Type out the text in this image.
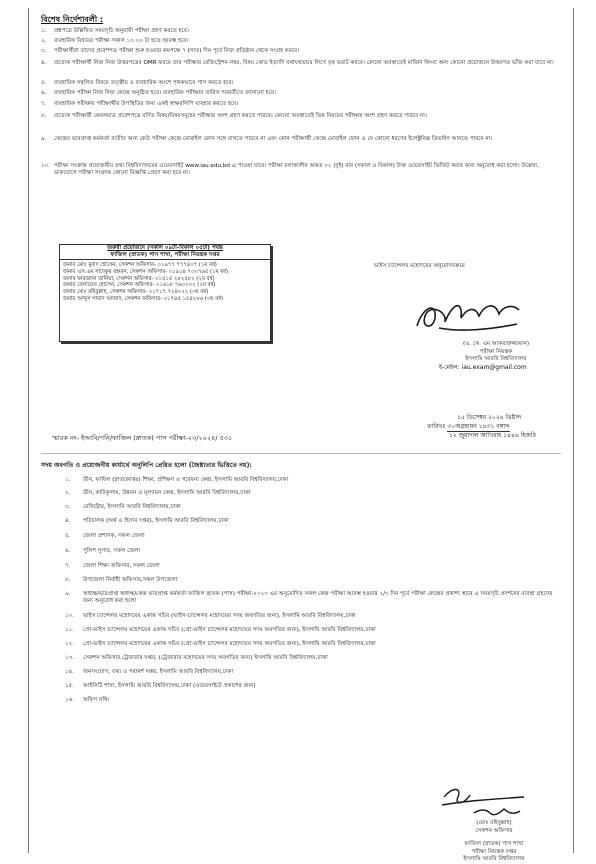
বিশেষ নির্দেশাবলী :
১.	প্রশ্নপত্রে উল্লিখিত সময়সূচি অনুযায়ী পরীক্ষা গ্রহণ করতে হবে।
২.	ব্যবহারিক বিষয়ের পরীক্ষা সকাল ১০.০০ টা হতে আরম্ভ হবে।
৩.	পরীক্ষার্থীরা তাদের প্রবেশপত্র পরীক্ষা শুরু হওয়ার কমপক্ষে ৭ (সাত) দিন পূর্বে নিজ প্রতিষ্ঠান থেকে সংগ্রহ করবে।
৪.	প্রত্যেক পরীক্ষার্থী নিজ নিজ উত্তরপত্রের OMR ফরমে তার পরীক্ষার রেজিস্ট্রেশন নম্বর, বিষয় কোড ইত্যাদি যথাযথভাবে লিখে বৃত্ত ভরাট করবে। কোনো অবস্থাতেই মার্জিন কিংবা অন্য কোনো প্রয়োজনে উত্তরপত্র ভাঁজ করা যাবে না।
৫.	ব্যবহারিক সম্বলিত বিষয়ে তত্ত্বীয় ও ব্যবহারিক অংশে পৃথকভাবে পাস করতে হবে।
৬.	ব্যবহারিক পরীক্ষা নিজ নিজ কেন্দ্রে অনুষ্ঠিত হবে। ব্যবহারিক পরীক্ষার তারিখ পরবর্তীতে জানানো হবে।
৭.	ব্যবহারিক পরীক্ষায় পরীক্ষার্থীর উপস্থিতির জন্য একই স্বাক্ষরলিপি ব্যবহার করতে হবে।
৮.	প্রত্যেক পরীক্ষার্থী কেবলমাত্র প্রবেশপত্রে বর্ণিত বিষয়/বিষয়সমূহের পরীক্ষায় অংশ গ্রহণ করতে পারবে। কোনো অবস্থাতেই ভিন্ন বিষয়ের পরীক্ষায় অংশ গ্রহণ করতে পারবে না।
৯.	কেন্দ্রের ভারপ্রাপ্ত কর্মকর্তা ব্যতীত অন্য কেউ পরীক্ষা কেন্দ্রে মোবাইল ফোন সঙ্গে রাখতে পারবে না এবং কোন পরীক্ষার্থী কেন্দ্রে মোবাইল ফোন ও যে কোনো ধরণের ইলেক্ট্রনিক্স ডিভাইস আনতে পারবে না।
১০. পরীক্ষা সংক্রান্ত প্রয়োজনীয় তথ্য বিশ্ববিদ্যালয়ের ওয়েবসাইট www.iau.edu.bd এ্র পাওয়া যাবে। পরীক্ষা চলাকালীন অন্তত ০২ (দুই) বার (সকাল ও বিকাল) উক্ত ওয়েবসাইট ভিজিট করার জন্য অনুরোধ করা হলো। উল্লেখ্য, ডাকযোগে পরীক্ষা সংক্রান্ত কোনো বিজ্ঞপ্তি প্রেরণ করা হবে না।
জরুরী প্রয়োজনে (সকাল ০৯টা-বিকাল ০৫টা) পর্যন্ত
ফাজিল (স্নাতক) পাস শাখা, পরীক্ষা নিয়ন্ত্রক দপ্তর
জনাব মোঃ মুরাদ হোসেন, সেকশন অফিসার- ০১৯৭৭ ৭৭৭৪০৭ (১ম বর্ষ)
জনাব এস.এম সাদেকুর রহমান, সেকশন অফিসার- ০১৯১৪ ৭৩০৭৬৫ (১ম বর্ষ)
জনাব ফারজানা তানিয়া, সেকশন অফিসার- ০১৫১৫ ২৮২৫৮২ (২য় বর্ষ)
জনাব বেলায়েত হোসেন, সেকশন অফিসার- ০১৬১৮ ৭৬০০০২ (২য় বর্ষ)
জনাব মোঃ মহিবুল্লাহ, সেকশন অফিসার- ০১৭১৭ ৭২৪০২২ (৩য় বর্ষ)
জনাব আব্দুস সামাদ আজাদ, সেকশন অফিসার- ০১৭৪৫ ১৫৪২৮৬ (৩য় বর্ষ)
ভাইস চ্যান্সেলর মহোদয়ের অনুমোদনক্রমে
(এ. কে. এম আকরারুজ্জামান)
পরীক্ষা নিয়ন্ত্রক
ইসলামি আরবি বিশ্ববিদ্যালয়
ই-মেইল: iau.exam@gmail.com
১৫ ডিসেম্বর ২০২৪ খ্রিষ্টাব্দ
তারিখঃ ৩০অগ্রহায়ন ১৪৩১ বঙ্গাব্দ
১২ জুমাদাল আখিরাহ ১৪৪৬ হিজরি
স্মারক নং- ইআবি/পনি/ফাজিল (স্নাতক) পাস পরীক্ষা-২৩/২০২৪/ ৫৩১
সদয় অবগতি ও প্রয়োজনীয় কার্যার্থে অনুলিপি প্রেরিত হলো (জৈষ্ঠ্যতার ভিত্তিতে নয়):
১.	ডীন, ফাযিল (স্নাতকোত্তর) শিক্ষা, প্রশিক্ষণ ও গবেষনা কেন্দ্র, ইসলামি আরবি বিশ্ববিদ্যালয়,ঢাকা
২.	ডীন, কারিকুলাম, উন্নয়ন ও মূল্যায়ন কেন্দ্র, ইসলামি আরবি বিশ্ববিদ্যালয়,ঢাকা
৩.	রেজিস্ট্রার, ইসলামি আরবি বিশ্ববিদ্যালয়,ঢাকা
৪.	পরিচালক (অর্থ ও হিসাব দপ্তর), ইসলামি আরবি বিশ্ববিদ্যালয়,ঢাকা
৫.	জেলা প্রশাসক, সকল জেলা
৬.	পুলিশ সুপার, সকল জেলা
৭.	জেলা শিক্ষা অফিসার, সকল জেলা
৮.	উপজেলা নির্বাহী অফিসার,সকল উপজেলা
৯.	অধ্যক্ষ/ভারপ্রাপ্ত অধ্যক্ষ/কেন্দ্র ভারপ্রাপ্ত কর্মকর্তা ফাজিল স্নাতক (পাস) পরীক্ষা-২০২৩ এর অনুমোদিত সকল কেন্দ্র পরীক্ষা আরম্ভ হওয়ার ২/৩ দিন পূর্বে পরীক্ষা কেন্দ্রের প্রকাশ্য স্থানে এ সময়সূচি প্রদর্শনের ব্যবস্থা গ্রহণের জন্য অনুরোধ করা হলো
১০.	ভাইস চ্যান্সেলর মহোদয়ের একান্ত সচিব (ভাইস-চ্যান্সেলর মহোদয়ের সদয় অবগতির জন্য), ইসলামি আরবি বিশ্ববিদ্যালয়,ঢাকা
১১.	প্রো-ভাইস চ্যান্সেলর মহোদয়ের একান্ত সচিব (প্রো-ভাইস চ্যান্সেলর মহোদয়ের সদয় অবগতির জন্য), ইসলামি আরবি বিশ্ববিদ্যালয়,ঢাকা
১২.	প্রো-ভাইস চ্যান্সেলর মহোদয়ের একান্ত সচিব (প্রো-ভাইস চ্যান্সেলর মহোদয়ের সদয় অবগতির জন্য), ইসলামি আরবি বিশ্ববিদ্যালয়,ঢাকা
১৩.	সেকশন অফিসার,ট্রেজারার দপ্তর, (ট্রেজারার মহোদয়ের সদয় অবগতির জন্য) ইসলামি আরবি বিশ্ববিদ্যালয়,ঢাকা
১৪.	জনসংযোগ, তথ্য ও পরামর্শ দপ্তর, ইসলামি আরবি বিশ্ববিদ্যালয়,ঢাকা
১৫.	আইসিটি শাখা, ইসলামি আরবি বিশ্ববিদ্যালয়,ঢাকা (ওয়েবসাইটে প্রকাশের জন্য)
১৬.	অফিস নথি।
(মোঃ মহিবুল্লাহ)
সেকশন অফিসার
ফাজিল (স্নাতক) পাস শাখা
পরীক্ষা নিয়ন্ত্রক দপ্তর
ইসলামি আরবি বিশ্ববিদ্যালয়
